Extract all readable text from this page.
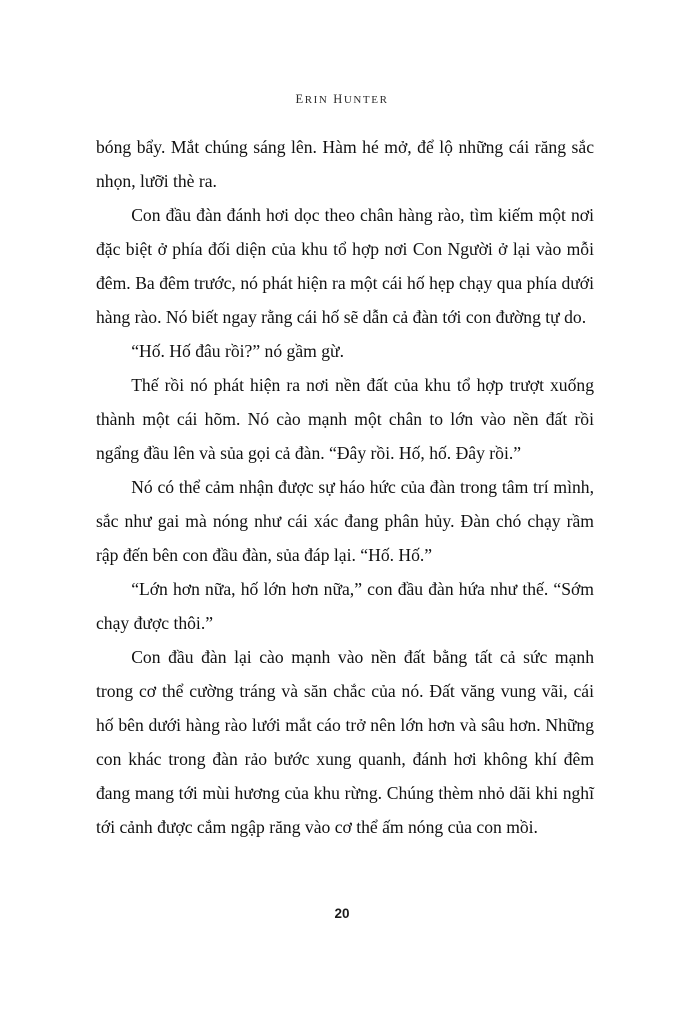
ERIN HUNTER

bóng bẩy. Mắt chúng sáng lên. Hàm hé mở, để lộ những cái răng sắc nhọn, lưỡi thè ra.

Con đầu đàn đánh hơi dọc theo chân hàng rào, tìm kiếm một nơi đặc biệt ở phía đối diện của khu tổ hợp nơi Con Người ở lại vào mỗi đêm. Ba đêm trước, nó phát hiện ra một cái hố hẹp chạy qua phía dưới hàng rào. Nó biết ngay rằng cái hố sẽ dẫn cả đàn tới con đường tự do.

“Hố. Hố đâu rồi?” nó gầm gừ.

Thế rồi nó phát hiện ra nơi nền đất của khu tổ hợp trượt xuống thành một cái hõm. Nó cào mạnh một chân to lớn vào nền đất rồi ngẩng đầu lên và sủa gọi cả đàn. “Đây rồi. Hố, hố. Đây rồi.”

Nó có thể cảm nhận được sự háo hức của đàn trong tâm trí mình, sắc như gai mà nóng như cái xác đang phân hủy. Đàn chó chạy rầm rập đến bên con đầu đàn, sủa đáp lại. “Hố. Hố.”

“Lớn hơn nữa, hố lớn hơn nữa,” con đầu đàn hứa như thế. “Sớm chạy được thôi.”

Con đầu đàn lại cào mạnh vào nền đất bằng tất cả sức mạnh trong cơ thể cường tráng và săn chắc của nó. Đất văng vung vãi, cái hố bên dưới hàng rào lưới mắt cáo trở nên lớn hơn và sâu hơn. Những con khác trong đàn rảo bước xung quanh, đánh hơi không khí đêm đang mang tới mùi hương của khu rừng. Chúng thèm nhỏ dãi khi nghĩ tới cảnh được cắm ngập răng vào cơ thể ấm nóng của con mồi.

20
